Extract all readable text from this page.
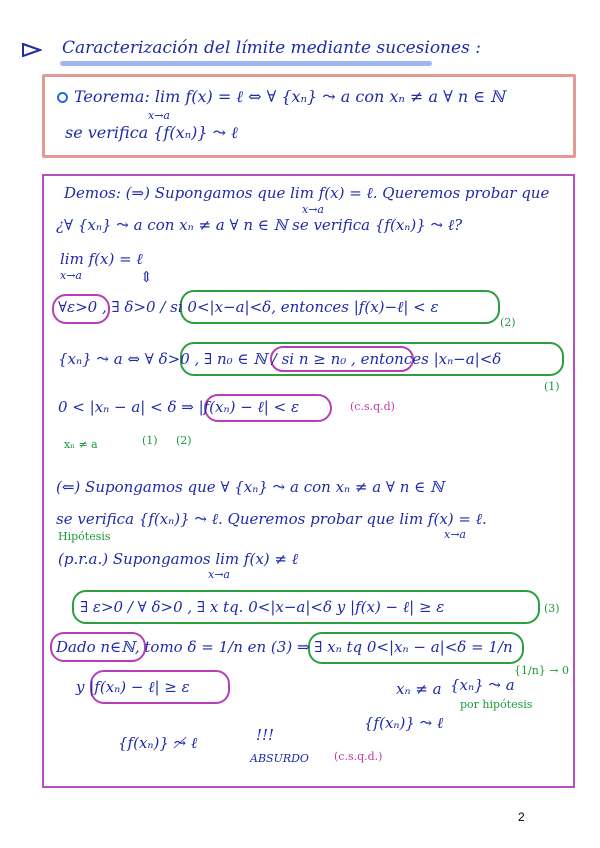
Caracterización del límite mediante sucesiones :
Teorema: lim f(x) = ℓ ⇔ ∀ {xₙ} ⤳ a con xₙ ≠ a ∀ n ∈ ℕ
x→a
se verifica {f(xₙ)} ⤳ ℓ
Demos: (⇒) Supongamos que lim f(x) = ℓ. Queremos probar que
x→a
¿∀ {xₙ} ⤳ a con xₙ ≠ a ∀ n ∈ ℕ se verifica {f(xₙ)} ⤳ ℓ?
lim f(x) = ℓ
x→a	⇕
∀ε>0 , ∃ δ>0 / si 0<|x−a|<δ, entonces |f(x)−ℓ| < ε
(2)
{xₙ} ⤳ a ⇔ ∀ δ>0 , ∃ n₀ ∈ ℕ / si n ≥ n₀ , entonces |xₙ−a|<δ
(1)
0 < |xₙ − a| < δ ⇒ |f(xₙ) − ℓ| < ε	(c.s.q.d)
xₙ ≠ a	(1) (2)
(⇐) Supongamos que ∀ {xₙ} ⤳ a con xₙ ≠ a ∀ n ∈ ℕ
se verifica {f(xₙ)} ⤳ ℓ. Queremos probar que lim f(x) = ℓ.
x→a
Hipótesis
(p.r.a.) Supongamos lim f(x) ≠ ℓ
x→a
∃ ε>0 / ∀ δ>0 , ∃ x tq. 0<|x−a|<δ y |f(x) − ℓ| ≥ ε	(3)
Dado n∈ℕ, tomo δ = 1/n en (3) ⇒ ∃ xₙ tq 0<|xₙ − a|<δ = 1/n
y |f(xₙ) − ℓ| ≥ ε	xₙ ≠ a {xₙ} ⤳ a
{1/n} → 0
por hipótesis
{f(xₙ)} ⤳ ℓ
{f(xₙ)} ⤳̸ ℓ	!!!
ABSURDO (c.s.q.d.)
2
